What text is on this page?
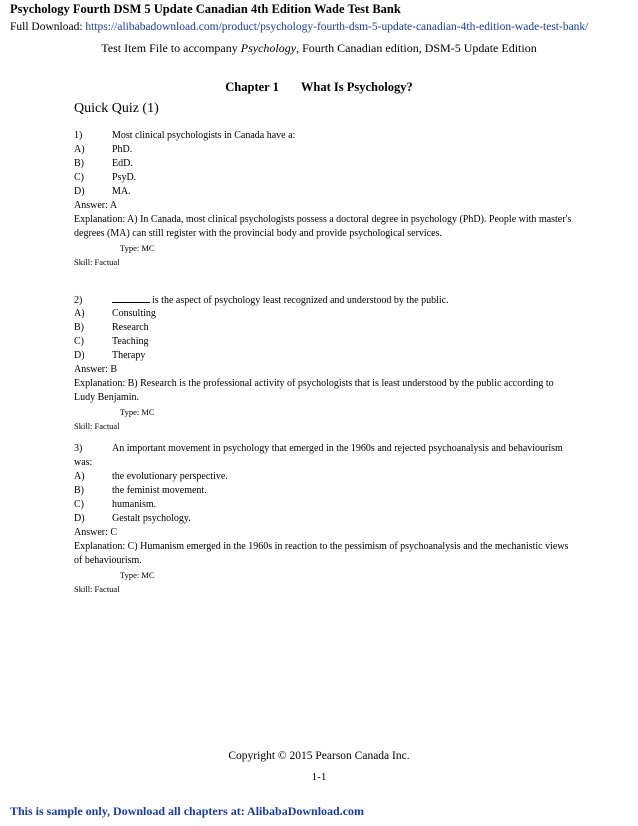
Psychology Fourth DSM 5 Update Canadian 4th Edition Wade Test Bank
Full Download: https://alibabadownload.com/product/psychology-fourth-dsm-5-update-canadian-4th-edition-wade-test-bank/
Test Item File to accompany Psychology, Fourth Canadian edition, DSM-5 Update Edition
Chapter 1 What Is Psychology?
Quick Quiz (1)
1)	Most clinical psychologists in Canada have a:
A)	PhD.
B)	EdD.
C)	PsyD.
D)	MA.
Answer: A
Explanation: A) In Canada, most clinical psychologists possess a doctoral degree in psychology (PhD). People with master's degrees (MA) can still register with the provincial body and provide psychological services.
Type: MC
Skill: Factual
2)	is the aspect of psychology least recognized and understood by the public.
A)	Consulting
B)	Research
C)	Teaching
D)	Therapy
Answer: B
Explanation: B) Research is the professional activity of psychologists that is least understood by the public according to Ludy Benjamin.
Type: MC
Skill: Factual
3)	An important movement in psychology that emerged in the 1960s and rejected psychoanalysis and behaviourism was:
A)	the evolutionary perspective.
B)	the feminist movement.
C)	humanism.
D)	Gestalt psychology.
Answer: C
Explanation: C) Humanism emerged in the 1960s in reaction to the pessimism of psychoanalysis and the mechanistic views of behaviourism.
Type: MC
Skill: Factual
Copyright © 2015 Pearson Canada Inc.
1-1
This is sample only, Download all chapters at: AlibabaDownload.com
